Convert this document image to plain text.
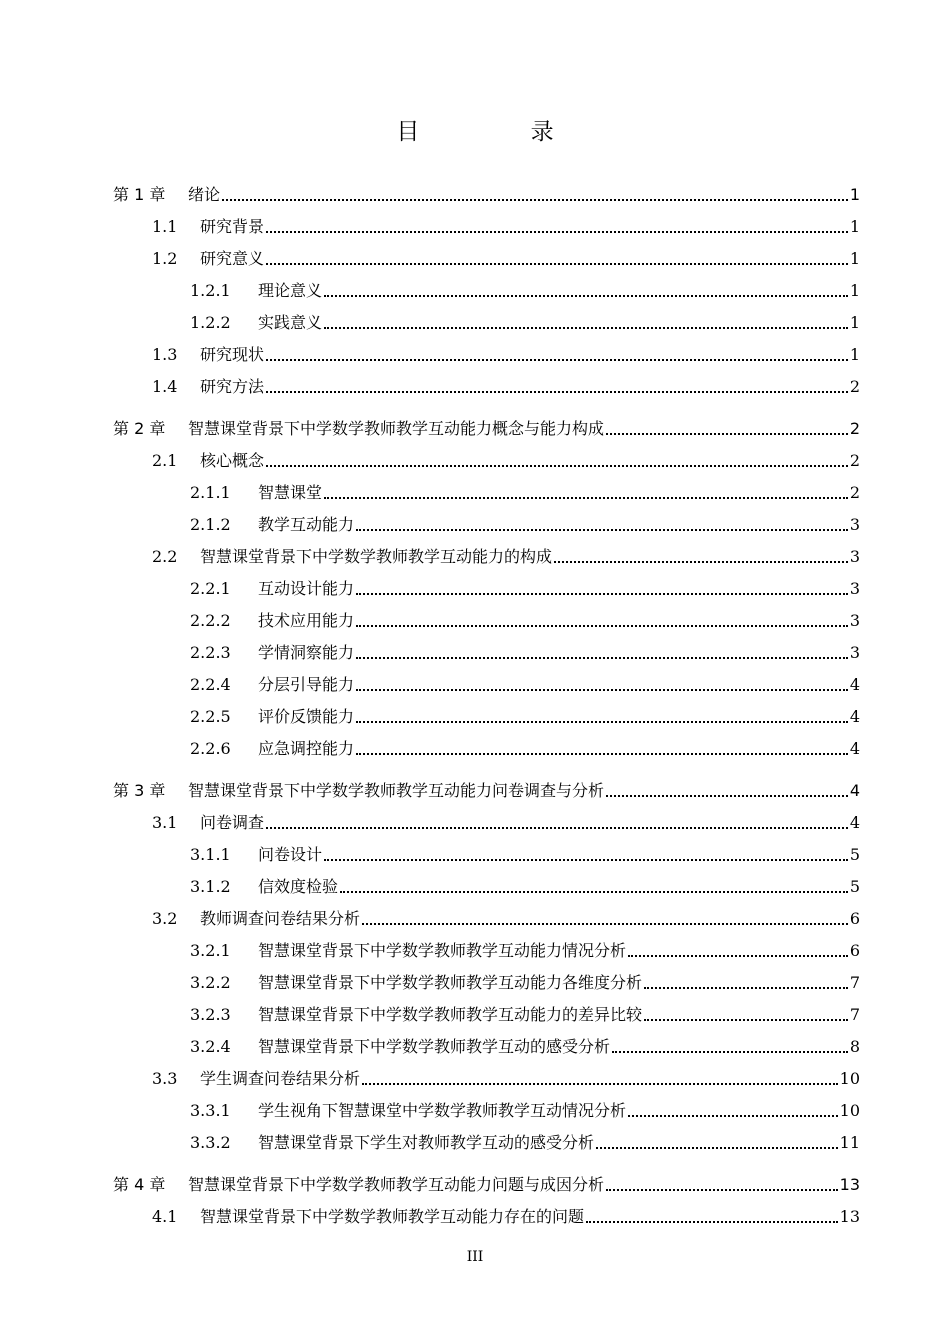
目 录
第 1 章	绪论	1
1.1	研究背景	1
1.2	研究意义	1
1.2.1	理论意义	1
1.2.2	实践意义	1
1.3	研究现状	1
1.4	研究方法	2
第 2 章	智慧课堂背景下中学数学教师教学互动能力概念与能力构成	2
2.1	核心概念	2
2.1.1	智慧课堂	2
2.1.2	教学互动能力	3
2.2	智慧课堂背景下中学数学教师教学互动能力的构成	3
2.2.1	互动设计能力	3
2.2.2	技术应用能力	3
2.2.3	学情洞察能力	3
2.2.4	分层引导能力	4
2.2.5	评价反馈能力	4
2.2.6	应急调控能力	4
第 3 章	智慧课堂背景下中学数学教师教学互动能力问卷调查与分析	4
3.1	问卷调查	4
3.1.1	问卷设计	5
3.1.2	信效度检验	5
3.2	教师调查问卷结果分析	6
3.2.1	智慧课堂背景下中学数学教师教学互动能力情况分析	6
3.2.2	智慧课堂背景下中学数学教师教学互动能力各维度分析	7
3.2.3	智慧课堂背景下中学数学教师教学互动能力的差异比较	7
3.2.4	智慧课堂背景下中学数学教师教学互动的感受分析	8
3.3	学生调查问卷结果分析	10
3.3.1	学生视角下智慧课堂中学数学教师教学互动情况分析	10
3.3.2	智慧课堂背景下学生对教师教学互动的感受分析	11
第 4 章	智慧课堂背景下中学数学教师教学互动能力问题与成因分析	13
4.1	智慧课堂背景下中学数学教师教学互动能力存在的问题	13
III
